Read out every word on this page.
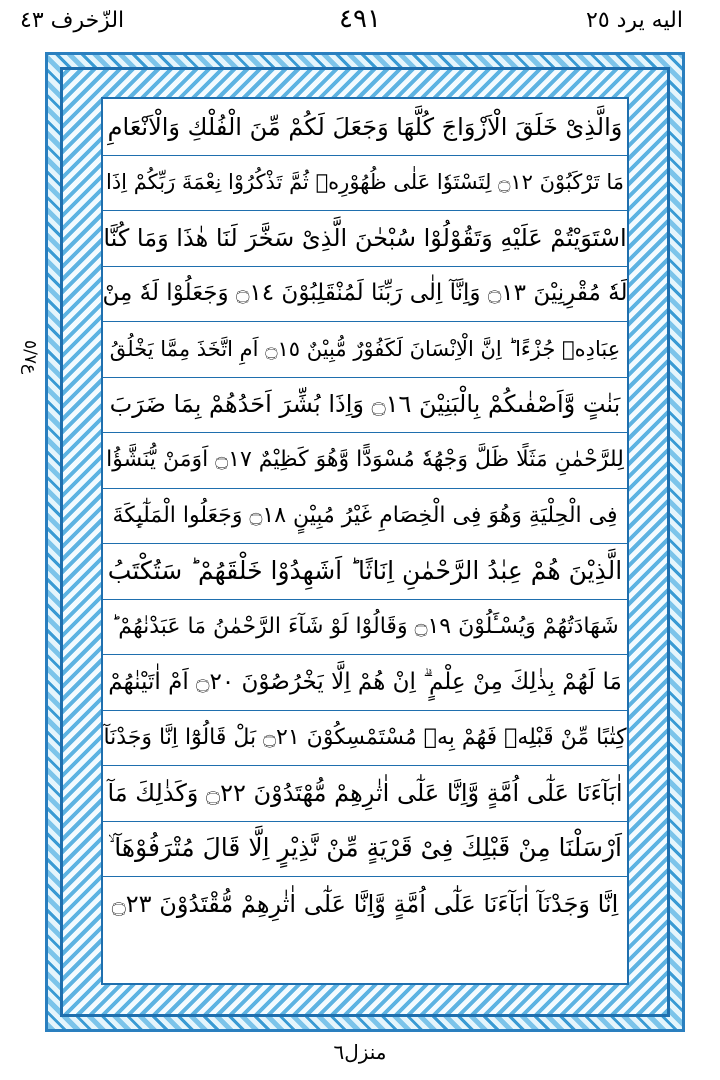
اليه يرد ٢٥
٤٩١
الزّخرف ٤٣
ع٥/٧
وَالَّذِیْ خَلَقَ الْاَزْوَاجَ كُلَّهَا وَجَعَلَ لَكُمْ مِّنَ الْفُلْكِ وَالْاَنْعَامِ
مَا تَرْكَبُوْنَ ۝١٢ لِتَسْتَوٗا عَلٰى ظُهُوْرِهٖ ثُمَّ تَذْكُرُوْا نِعْمَةَ رَبِّكُمْ اِذَا
اسْتَوَیْتُمْ عَلَیْهِ وَتَقُوْلُوْا سُبْحٰنَ الَّذِیْ سَخَّرَ لَنَا هٰذَا وَمَا كُنَّا
لَهٗ مُقْرِنِیْنَ ۝١٣ وَاِنَّآ اِلٰى رَبِّنَا لَمُنْقَلِبُوْنَ ۝١٤ وَجَعَلُوْا لَهٗ مِنْ
عِبَادِهٖ جُزْءًا ؕ اِنَّ الْاِنْسَانَ لَكَفُوْرٌ مُّبِیْنٌ ۝١٥ اَمِ اتَّخَذَ مِمَّا یَخْلُقُ
بَنٰتٍ وَّاَصْفٰىكُمْ بِالْبَنِیْنَ ۝١٦ وَاِذَا بُشِّرَ اَحَدُهُمْ بِمَا ضَرَبَ
لِلرَّحْمٰنِ مَثَلًا ظَلَّ وَجْهُهٗ مُسْوَدًّا وَّهُوَ كَظِیْمٌ ۝١٧ اَوَمَنْ یُّنَشَّؤُا
فِی الْحِلْیَةِ وَهُوَ فِی الْخِصَامِ غَیْرُ مُبِیْنٍ ۝١٨ وَجَعَلُوا الْمَلٰٓىِٕكَةَ
الَّذِیْنَ هُمْ عِبٰدُ الرَّحْمٰنِ اِنَاثًا ؕ اَشَهِدُوْا خَلْقَهُمْ ؕ سَتُكْتَبُ
شَهَادَتُهُمْ وَیُسْـَٔلُوْنَ ۝١٩ وَقَالُوْا لَوْ شَآءَ الرَّحْمٰنُ مَا عَبَدْنٰهُمْ ؕ
مَا لَهُمْ بِذٰلِكَ مِنْ عِلْمٍ ۗ اِنْ هُمْ اِلَّا یَخْرُصُوْنَ ۝٢٠ اَمْ اٰتَیْنٰهُمْ
كِتٰبًا مِّنْ قَبْلِهٖ فَهُمْ بِهٖ مُسْتَمْسِكُوْنَ ۝٢١ بَلْ قَالُوْٓا اِنَّا وَجَدْنَآ
اٰبَآءَنَا عَلٰٓى اُمَّةٍ وَّاِنَّا عَلٰٓى اٰثٰرِهِمْ مُّهْتَدُوْنَ ۝٢٢ وَكَذٰلِكَ مَآ
اَرْسَلْنَا مِنْ قَبْلِكَ فِیْ قَرْیَةٍ مِّنْ نَّذِیْرٍ اِلَّا قَالَ مُتْرَفُوْهَآ ۙ
اِنَّا وَجَدْنَآ اٰبَآءَنَا عَلٰٓى اُمَّةٍ وَّاِنَّا عَلٰٓى اٰثٰرِهِمْ مُّقْتَدُوْنَ ۝٢٣
منزل٦
